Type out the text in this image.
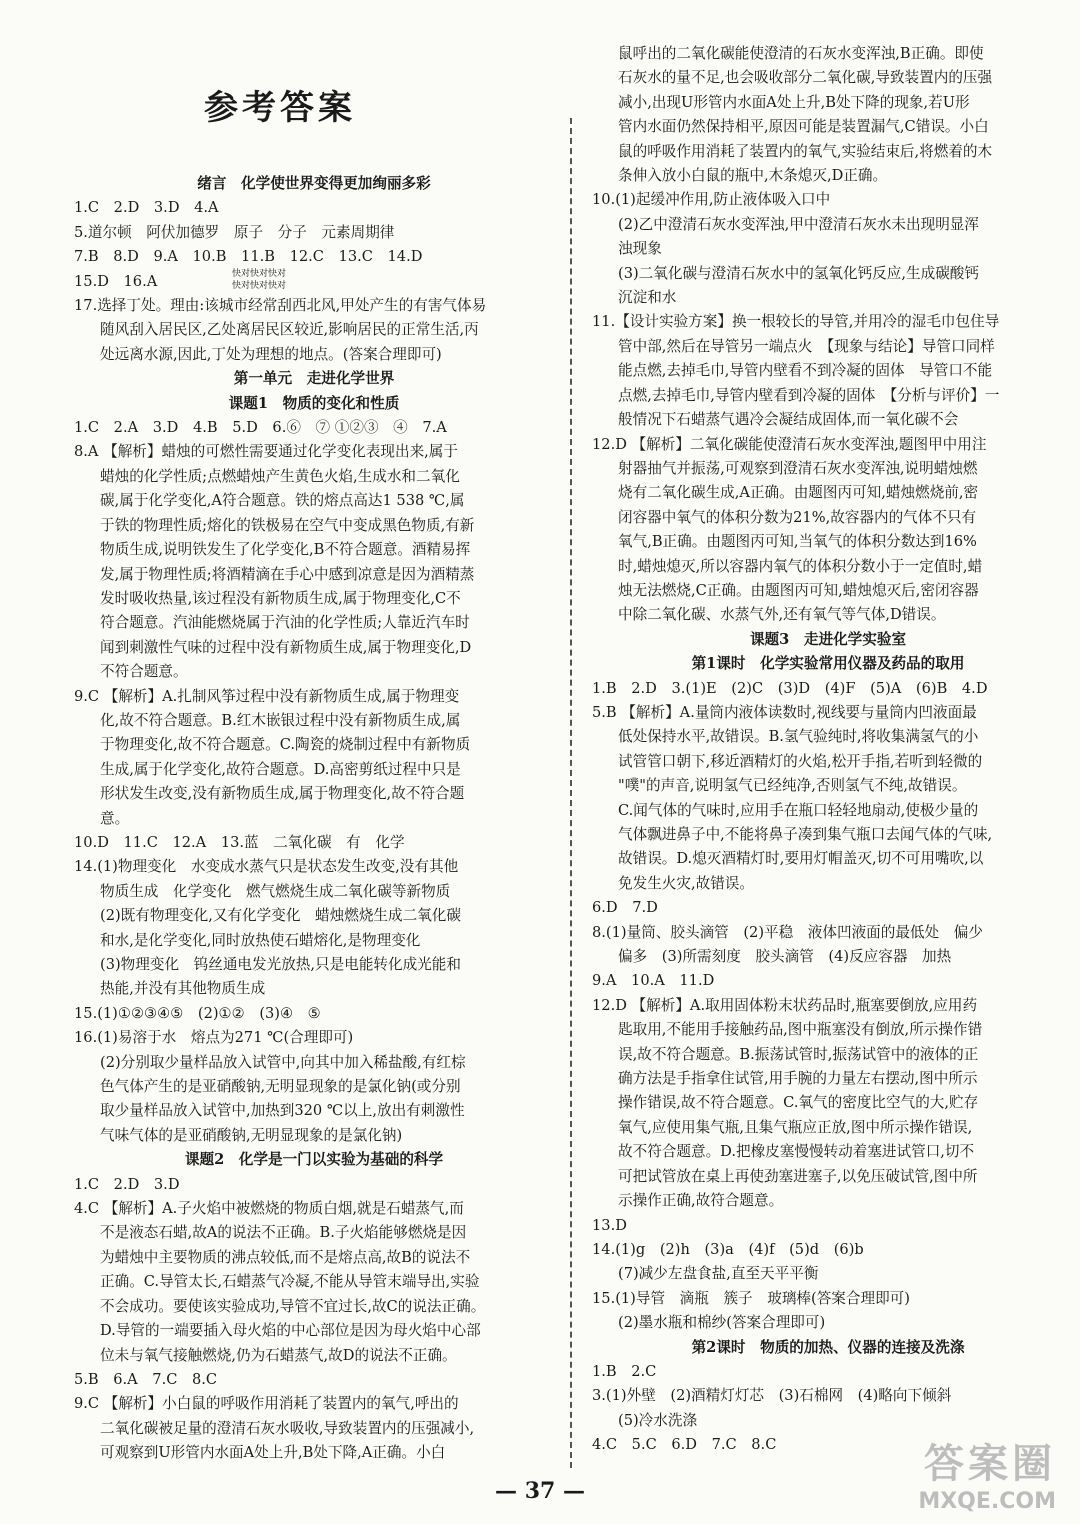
参考答案
绪言　化学使世界变得更加绚丽多彩
1.C　2.D　3.D　4.A
5.道尔顿　阿伏加德罗　原子　分子　元素周期律
7.B　8.D　9.A　10.B　11.B　12.C　13.C　14.D
15.D　16.A
17.选择丁处。理由:该城市经常刮西北风,甲处产生的有害气体易
随风刮入居民区,乙处离居民区较近,影响居民的正常生活,丙
处远离水源,因此,丁处为理想的地点。(答案合理即可)
第一单元　走进化学世界
课题1　物质的变化和性质
1.C　2.A　3.D　4.B　5.D　6.⑥　⑦ ①②③　④　7.A
8.A 【解析】蜡烛的可燃性需要通过化学变化表现出来,属于
蜡烛的化学性质;点燃蜡烛产生黄色火焰,生成水和二氧化
碳,属于化学变化,A符合题意。铁的熔点高达1 538 ℃,属
于铁的物理性质;熔化的铁极易在空气中变成黑色物质,有新
物质生成,说明铁发生了化学变化,B不符合题意。酒精易挥
发,属于物理性质;将酒精滴在手心中感到凉意是因为酒精蒸
发时吸收热量,该过程没有新物质生成,属于物理变化,C不
符合题意。汽油能燃烧属于汽油的化学性质;人靠近汽车时
闻到刺激性气味的过程中没有新物质生成,属于物理变化,D
不符合题意。
9.C 【解析】A.扎制风筝过程中没有新物质生成,属于物理变
化,故不符合题意。B.红木嵌银过程中没有新物质生成,属
于物理变化,故不符合题意。C.陶瓷的烧制过程中有新物质
生成,属于化学变化,故符合题意。D.高密剪纸过程中只是
形状发生改变,没有新物质生成,属于物理变化,故不符合题
意。
10.D　11.C　12.A　13.蓝　二氧化碳　有　化学
14.(1)物理变化　水变成水蒸气只是状态发生改变,没有其他
物质生成　化学变化　燃气燃烧生成二氧化碳等新物质
(2)既有物理变化,又有化学变化　蜡烛燃烧生成二氧化碳
和水,是化学变化,同时放热使石蜡熔化,是物理变化
(3)物理变化　钨丝通电发光放热,只是电能转化成光能和
热能,并没有其他物质生成
15.(1)①②③④⑤　(2)①②　(3)④　⑤
16.(1)易溶于水　熔点为271 ℃(合理即可)
(2)分别取少量样品放入试管中,向其中加入稀盐酸,有红棕
色气体产生的是亚硝酸钠,无明显现象的是氯化钠(或分别
取少量样品放入试管中,加热到320 ℃以上,放出有刺激性
气味气体的是亚硝酸钠,无明显现象的是氯化钠)
课题2　化学是一门以实验为基础的科学
1.C　2.D　3.D
4.C 【解析】A.子火焰中被燃烧的物质白烟,就是石蜡蒸气,而
不是液态石蜡,故A的说法不正确。B.子火焰能够燃烧是因
为蜡烛中主要物质的沸点较低,而不是熔点高,故B的说法不
正确。C.导管太长,石蜡蒸气冷凝,不能从导管末端导出,实验
不会成功。要使该实验成功,导管不宜过长,故C的说法正确。
D.导管的一端要插入母火焰的中心部位是因为母火焰中心部
位未与氧气接触燃烧,仍为石蜡蒸气,故D的说法不正确。
5.B　6.A　7.C　8.C
9.C 【解析】小白鼠的呼吸作用消耗了装置内的氧气,呼出的
二氧化碳被足量的澄清石灰水吸收,导致装置内的压强减小,
可观察到U形管内水面A处上升,B处下降,A正确。小白
鼠呼出的二氧化碳能使澄清的石灰水变浑浊,B正确。即使
石灰水的量不足,也会吸收部分二氧化碳,导致装置内的压强
减小,出现U形管内水面A处上升,B处下降的现象,若U形
管内水面仍然保持相平,原因可能是装置漏气,C错误。小白
鼠的呼吸作用消耗了装置内的氧气,实验结束后,将燃着的木
条伸入放小白鼠的瓶中,木条熄灭,D正确。
10.(1)起缓冲作用,防止液体吸入口中
(2)乙中澄清石灰水变浑浊,甲中澄清石灰水未出现明显浑
浊现象
(3)二氧化碳与澄清石灰水中的氢氧化钙反应,生成碳酸钙
沉淀和水
11.【设计实验方案】换一根较长的导管,并用冷的湿毛巾包住导
管中部,然后在导管另一端点火　【现象与结论】导管口同样
能点燃,去掉毛巾,导管内壁看不到冷凝的固体　导管口不能
点燃,去掉毛巾,导管内壁看到冷凝的固体　【分析与评价】一
般情况下石蜡蒸气遇冷会凝结成固体,而一氧化碳不会
12.D 【解析】二氧化碳能使澄清石灰水变浑浊,题图甲中用注
射器抽气并振荡,可观察到澄清石灰水变浑浊,说明蜡烛燃
烧有二氧化碳生成,A正确。由题图丙可知,蜡烛燃烧前,密
闭容器中氧气的体积分数为21%,故容器内的气体不只有
氧气,B正确。由题图丙可知,当氧气的体积分数达到16%
时,蜡烛熄灭,所以容器内氧气的体积分数小于一定值时,蜡
烛无法燃烧,C正确。由题图丙可知,蜡烛熄灭后,密闭容器
中除二氧化碳、水蒸气外,还有氧气等气体,D错误。
课题3　走进化学实验室
第1课时　化学实验常用仪器及药品的取用
1.B　2.D　3.(1)E　(2)C　(3)D　(4)F　(5)A　(6)B　4.D
5.B 【解析】A.量筒内液体读数时,视线要与量筒内凹液面最
低处保持水平,故错误。B.氢气验纯时,将收集满氢气的小
试管管口朝下,移近酒精灯的火焰,松开手指,若听到轻微的
"噗"的声音,说明氢气已经纯净,否则氢气不纯,故错误。
C.闻气体的气味时,应用手在瓶口轻轻地扇动,使极少量的
气体飘进鼻子中,不能将鼻子凑到集气瓶口去闻气体的气味,
故错误。D.熄灭酒精灯时,要用灯帽盖灭,切不可用嘴吹,以
免发生火灾,故错误。
6.D　7.D
8.(1)量筒、胶头滴管　(2)平稳　液体凹液面的最低处　偏少
偏多　(3)所需刻度　胶头滴管　(4)反应容器　加热
9.A　10.A　11.D
12.D 【解析】A.取用固体粉末状药品时,瓶塞要倒放,应用药
匙取用,不能用手接触药品,图中瓶塞没有倒放,所示操作错
误,故不符合题意。B.振荡试管时,振荡试管中的液体的正
确方法是手指拿住试管,用手腕的力量左右摆动,图中所示
操作错误,故不符合题意。C.氧气的密度比空气的大,贮存
氧气,应使用集气瓶,且集气瓶应正放,图中所示操作错误,
故不符合题意。D.把橡皮塞慢慢转动着塞进试管口,切不
可把试管放在桌上再使劲塞进塞子,以免压破试管,图中所
示操作正确,故符合题意。
13.D
14.(1)g　(2)h　(3)a　(4)f　(5)d　(6)b
(7)减少左盘食盐,直至天平平衡
15.(1)导管　滴瓶　簇子　玻璃棒(答案合理即可)
(2)墨水瓶和棉纱(答案合理即可)
第2课时　物质的加热、仪器的连接及洗涤
1.B　2.C
3.(1)外壁　(2)酒精灯灯芯　(3)石棉网　(4)略向下倾斜
(5)冷水洗涤
4.C　5.C　6.D　7.C　8.C
快对快对快对
快对快对快对
— 37 —
答案圈
MXQE.COM
